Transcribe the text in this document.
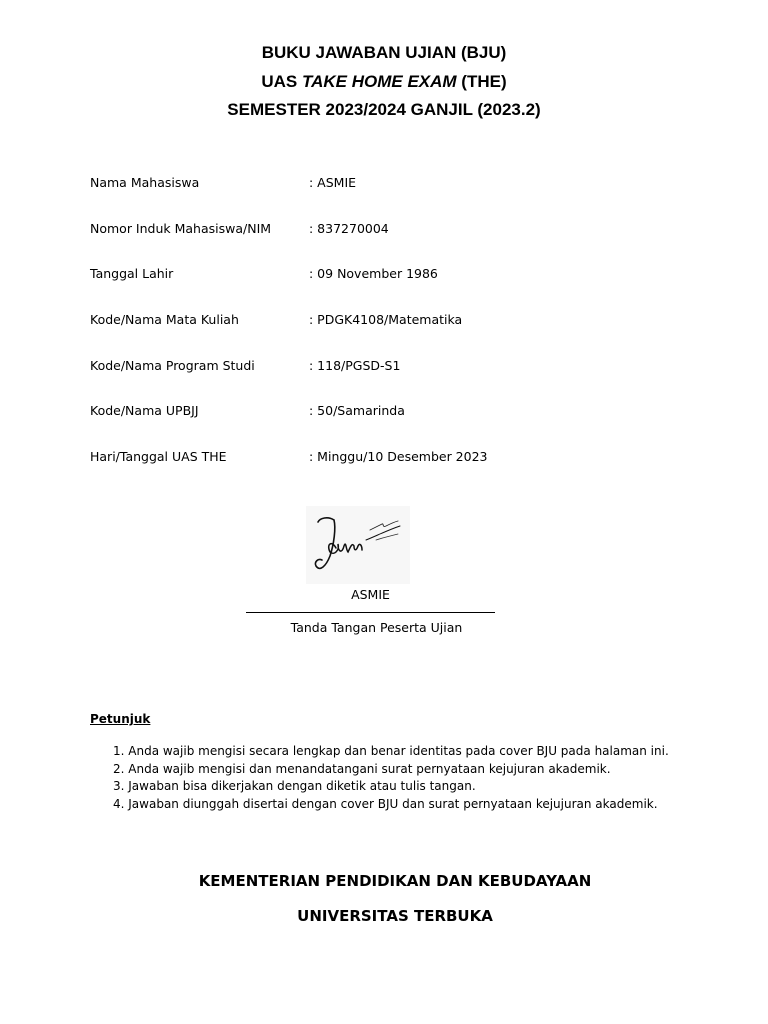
BUKU JAWABAN UJIAN (BJU)
UAS TAKE HOME EXAM (THE)
SEMESTER 2023/2024 GANJIL (2023.2)
Nama Mahasiswa	: ASMIE
Nomor Induk Mahasiswa/NIM	: 837270004
Tanggal Lahir	: 09 November 1986
Kode/Nama Mata Kuliah	: PDGK4108/Matematika
Kode/Nama Program Studi	: 118/PGSD-S1
Kode/Nama UPBJJ	: 50/Samarinda
Hari/Tanggal UAS THE	: Minggu/10 Desember 2023
ASMIE
Tanda Tangan Peserta Ujian
Petunjuk
1. Anda wajib mengisi secara lengkap dan benar identitas pada cover BJU pada halaman ini.
2. Anda wajib mengisi dan menandatangani surat pernyataan kejujuran akademik.
3. Jawaban bisa dikerjakan dengan diketik atau tulis tangan.
4. Jawaban diunggah disertai dengan cover BJU dan surat pernyataan kejujuran akademik.
KEMENTERIAN PENDIDIKAN DAN KEBUDAYAAN
UNIVERSITAS TERBUKA
